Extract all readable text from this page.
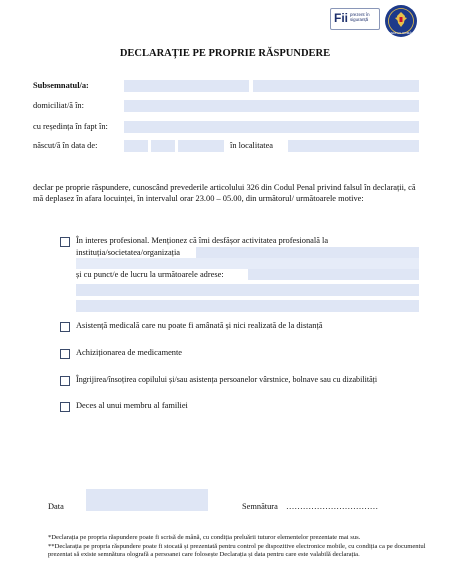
Fii prezent în siguranță
GUVERNUL ROMÂNIEI
DECLARAȚIE PE PROPRIE RĂSPUNDERE
Subsemnatul/a:
domiciliat/ă în:
cu reședința în fapt în:
născut/ă în data de:	în localitatea
declar pe proprie răspundere, cunoscând prevederile articolului 326 din Codul Penal privind falsul în declarații, că mă deplasez în afara locuinței, în intervalul orar 23.00 – 05.00, din următorul/ următoarele motive:
În interes profesional. Menționez că îmi desfășor activitatea profesională la
instituția/societatea/organizația
și cu punct/e de lucru la următoarele adrese:
Asistență medicală care nu poate fi amânată și nici realizată de la distanță
Achiziționarea de medicamente
Îngrijirea/însoțirea copilului și/sau asistența persoanelor vârstnice, bolnave sau cu dizabilități
Deces al unui membru al familiei
Data	Semnătura ……………………………
*Declarația pe propria răspundere poate fi scrisă de mână, cu condiția preluării tuturor elementelor prezentate mai sus.
**Declarația pe propria răspundere poate fi stocată și prezentată pentru control pe dispozitive electronice mobile, cu condiția ca pe documentul prezentat să existe semnătura olografă a persoanei care folosește Declarația și data pentru care este valabilă declarația.
